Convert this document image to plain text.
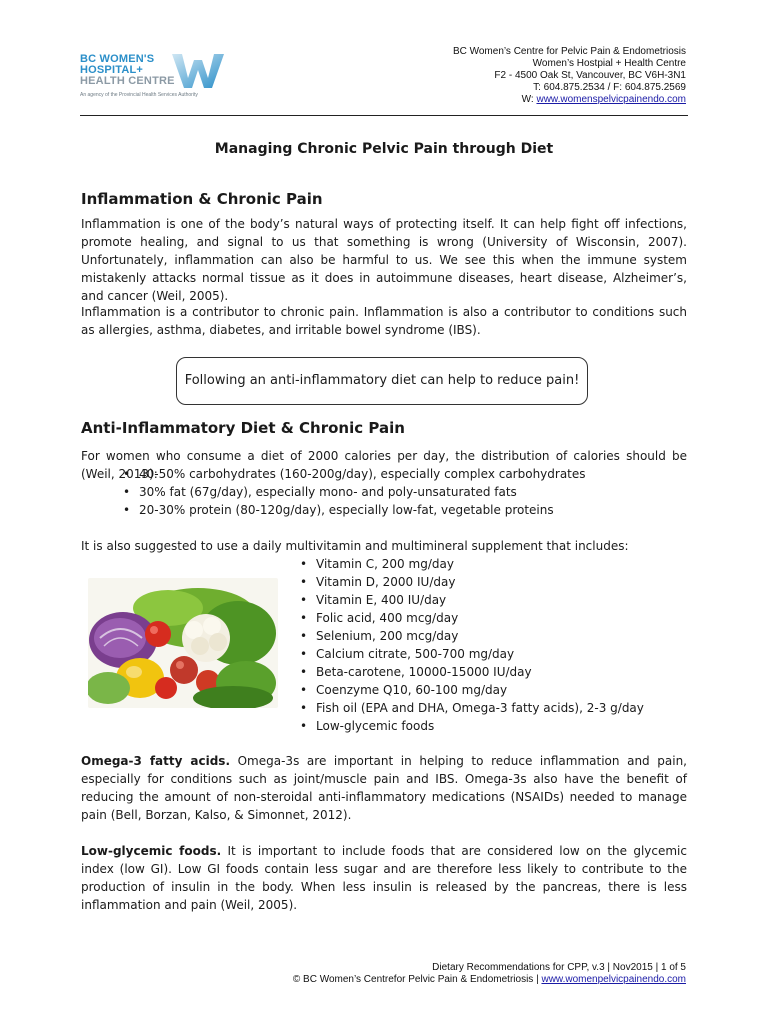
BC WOMEN'S
HOSPITAL+
HEALTH CENTRE
An agency of the Provincial Health Services Authority
BC Women’s Centre for Pelvic Pain & Endometriosis
Women’s Hostpial + Health Centre
F2 - 4500 Oak St, Vancouver, BC V6H-3N1
T: 604.875.2534 / F: 604.875.2569
W: www.womenspelvicpainendo.com
Managing Chronic Pelvic Pain through Diet
Inflammation & Chronic Pain
Inflammation is one of the body’s natural ways of protecting itself. It can help fight off infections, promote healing, and signal to us that something is wrong (University of Wisconsin, 2007). Unfortunately, inflammation can also be harmful to us. We see this when the immune system mistakenly attacks normal tissue as it does in autoimmune diseases, heart disease, Alzheimer’s, and cancer (Weil, 2005).
Inflammation is a contributor to chronic pain. Inflammation is also a contributor to conditions such as allergies, asthma, diabetes, and irritable bowel syndrome (IBS).
Following an anti-inflammatory diet can help to reduce pain!
Anti-Inflammatory Diet & Chronic Pain
For women who consume a diet of 2000 calories per day, the distribution of calories should be (Weil, 2013):
• 40-50% carbohydrates (160-200g/day), especially complex carbohydrates
• 30% fat (67g/day), especially mono- and poly-unsaturated fats
• 20-30% protein (80-120g/day), especially low-fat, vegetable proteins
It is also suggested to use a daily multivitamin and multimineral supplement that includes:
• Vitamin C, 200 mg/day
• Vitamin D, 2000 IU/day
• Vitamin E, 400 IU/day
• Folic acid, 400 mcg/day
• Selenium, 200 mcg/day
• Calcium citrate, 500-700 mg/day
• Beta-carotene, 10000-15000 IU/day
• Coenzyme Q10, 60-100 mg/day
• Fish oil (EPA and DHA, Omega-3 fatty acids), 2-3 g/day
• Low-glycemic foods
Omega-3 fatty acids. Omega-3s are important in helping to reduce inflammation and pain, especially for conditions such as joint/muscle pain and IBS. Omega-3s also have the benefit of reducing the amount of non-steroidal anti-inflammatory medications (NSAIDs) needed to manage pain (Bell, Borzan, Kalso, & Simonnet, 2012).
Low-glycemic foods. It is important to include foods that are considered low on the glycemic index (low GI). Low GI foods contain less sugar and are therefore less likely to contribute to the production of insulin in the body. When less insulin is released by the pancreas, there is less inflammation and pain (Weil, 2005).
Dietary Recommendations for CPP, v.3 | Nov2015 | 1 of 5
© BC Women’s Centrefor Pelvic Pain & Endometriosis | www.womenpelvicpainendo.com
